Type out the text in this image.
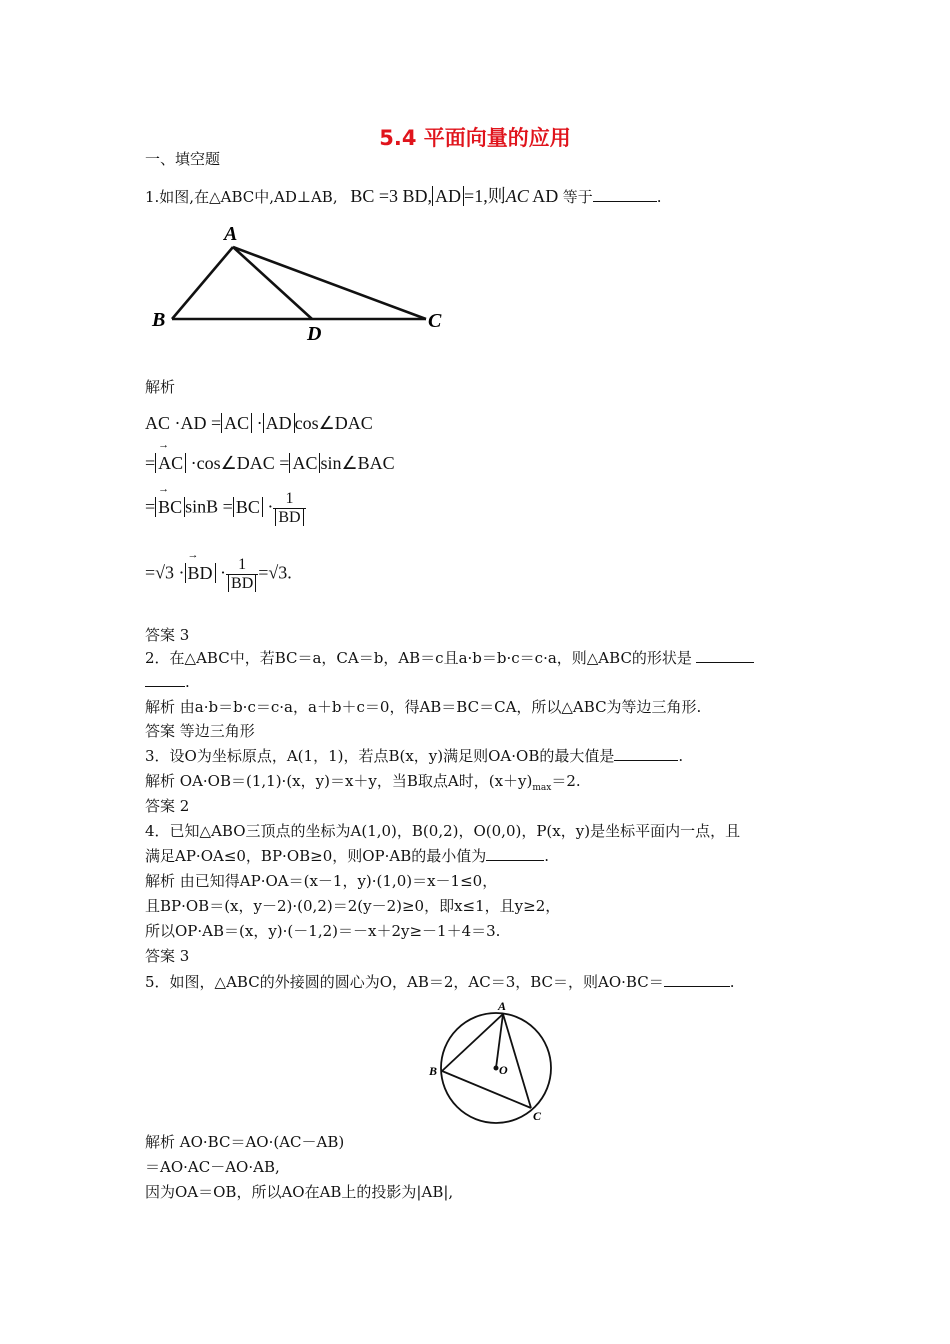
5.4 平面向量的应用
一、填空题
1.如图,在△ABC中,AD⊥AB, BC =3 BD, AD =1,则AC AD 等于	.
A
B	C
D
解析
AC ·AD = AC · AD cos∠DAC
= → AC ·cos∠DAC = AC sin∠BAC
= → BC sinB = BC · $\frac{1}{BD}$
=√3 · → BD · $\frac{1}{BD} =√3$.
答案 3
2．在△ABC中，若BC＝a，CA＝b，AB＝c且a·b＝b·c＝c·a，则△ABC的形状是
.
解析 由a·b＝b·c＝c·a，a＋b＋c＝0，得AB＝BC＝CA，所以△ABC为等边三角形.
答案 等边三角形
3．设O为坐标原点，A(1，1)，若点B(x，y)满足则OA·OB的最大值是	.
解析 OA·OB＝(1,1)·(x，y)＝x＋y，当B取点A时，$(x+y)_{max}=2$.
答案 2
4．已知△ABO三顶点的坐标为A(1,0)，B(0,2)，O(0,0)，P(x，y)是坐标平面内一点，且
满足AP·OA≤0，BP·OB≥0，则OP·AB的最小值为	.
解析 由已知得AP·OA＝(x－1，y)·(1,0)＝x－1≤0，
且BP·OB＝(x，y－2)·(0,2)＝2(y－2)≥0，即x≤1，且y≥2，
所以OP·AB＝(x，y)·(－1,2)＝－x＋2y≥－1＋4＝3.
答案 3
5．如图，△ABC的外接圆的圆心为O，AB＝2，AC＝3，BC＝，则AO·BC＝	.
A
B
C
O
解析 AO·BC＝AO·(AC－AB)
＝AO·AC－AO·AB,
因为OA＝OB，所以AO在AB上的投影为|AB|,
